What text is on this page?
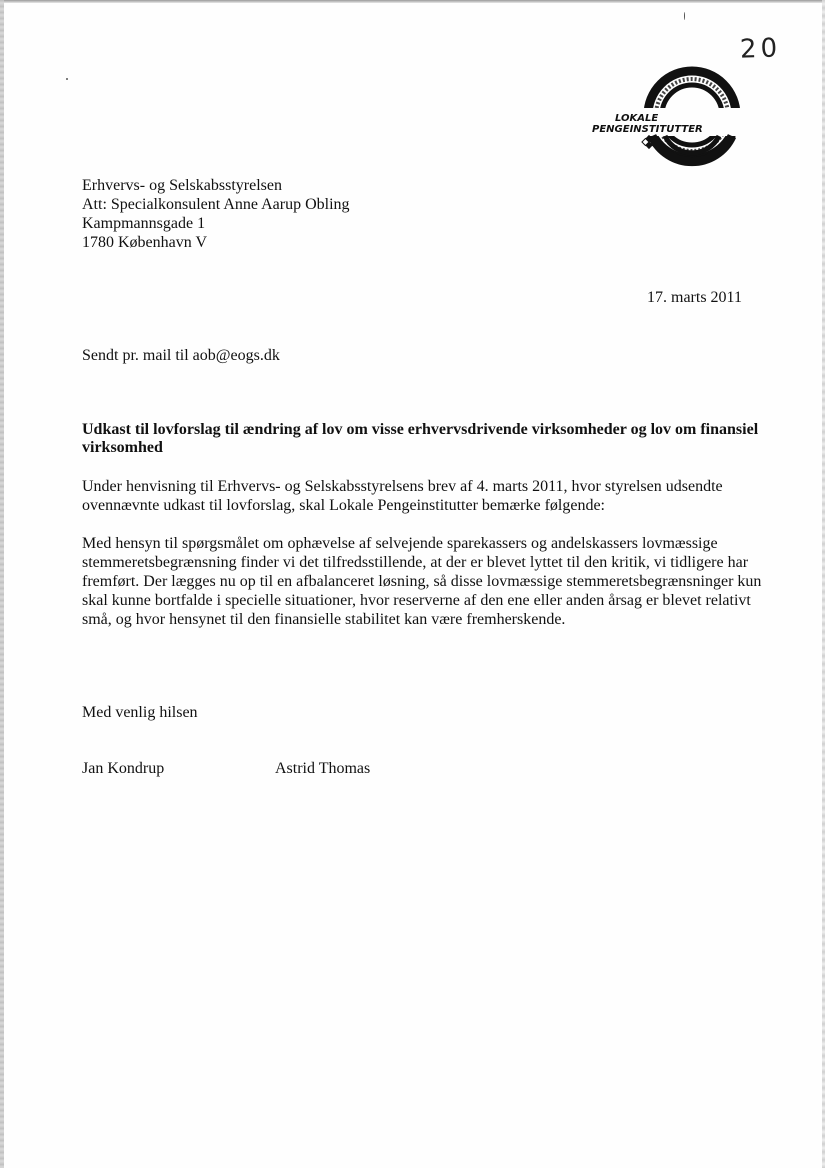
20
LOKALE
PENGEINSTITUTTER
Erhvervs- og Selskabsstyrelsen
Att: Specialkonsulent Anne Aarup Obling
Kampmannsgade 1
1780 København V
17. marts 2011
Sendt pr. mail til aob@eogs.dk
Udkast til lovforslag til ændring af lov om visse erhvervsdrivende virksomheder og lov om finansiel virksomhed
Under henvisning til Erhvervs- og Selskabsstyrelsens brev af 4. marts 2011, hvor styrelsen udsendte ovennævnte udkast til lovforslag, skal Lokale Pengeinstitutter bemærke følgende:
Med hensyn til spørgsmålet om ophævelse af selvejende sparekassers og andelskassers lovmæssige stemmeretsbegrænsning finder vi det tilfredsstillende, at der er blevet lyttet til den kritik, vi tidligere har fremført. Der lægges nu op til en afbalanceret løsning, så disse lovmæssige stemmeretsbegrænsninger kun skal kunne bortfalde i specielle situationer, hvor reserverne af den ene eller anden årsag er blevet relativt små, og hvor hensynet til den finansielle stabilitet kan være fremherskende.
Med venlig hilsen
Jan Kondrup	Astrid Thomas
